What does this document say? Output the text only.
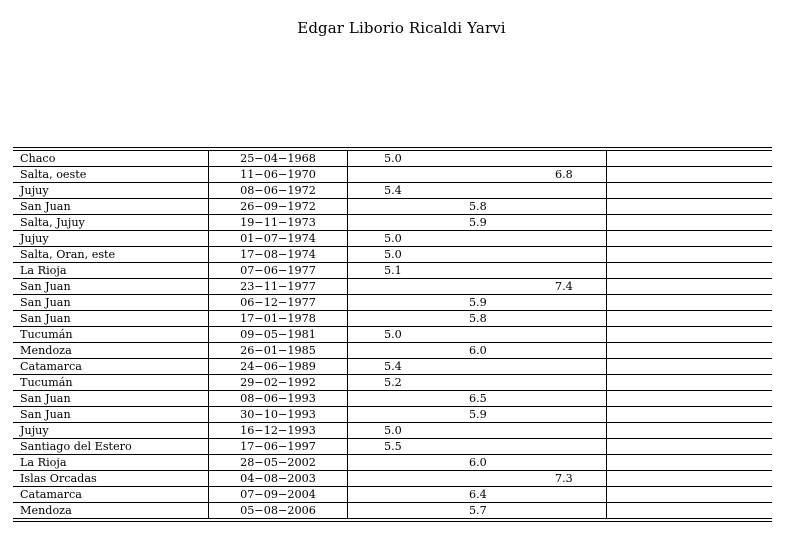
Edgar Liborio Ricaldi Yarvi
Chaco	25−04−1968	5.0	

Salta, oeste	11−06−1970	6.8	

Jujuy	08−06−1972	5.4	

San Juan	26−09−1972	5.8	

Salta, Jujuy	19−11−1973	5.9	

Jujuy	01−07−1974	5.0	

Salta, Oran, este	17−08−1974	5.0	

La Rioja	07−06−1977	5.1	

San Juan	23−11−1977	7.4	

San Juan	06−12−1977	5.9	

San Juan	17−01−1978	5.8	

Tucumán	09−05−1981	5.0	

Mendoza	26−01−1985	6.0	

Catamarca	24−06−1989	5.4	

Tucumán	29−02−1992	5.2	

San Juan	08−06−1993	6.5	

San Juan	30−10−1993	5.9	

Jujuy	16−12−1993	5.0	

Santiago del Estero	17−06−1997	5.5	

La Rioja	28−05−2002	6.0	

Islas Orcadas	04−08−2003	7.3	

Catamarca	07−09−2004	6.4	

Mendoza	05−08−2006	5.7	
